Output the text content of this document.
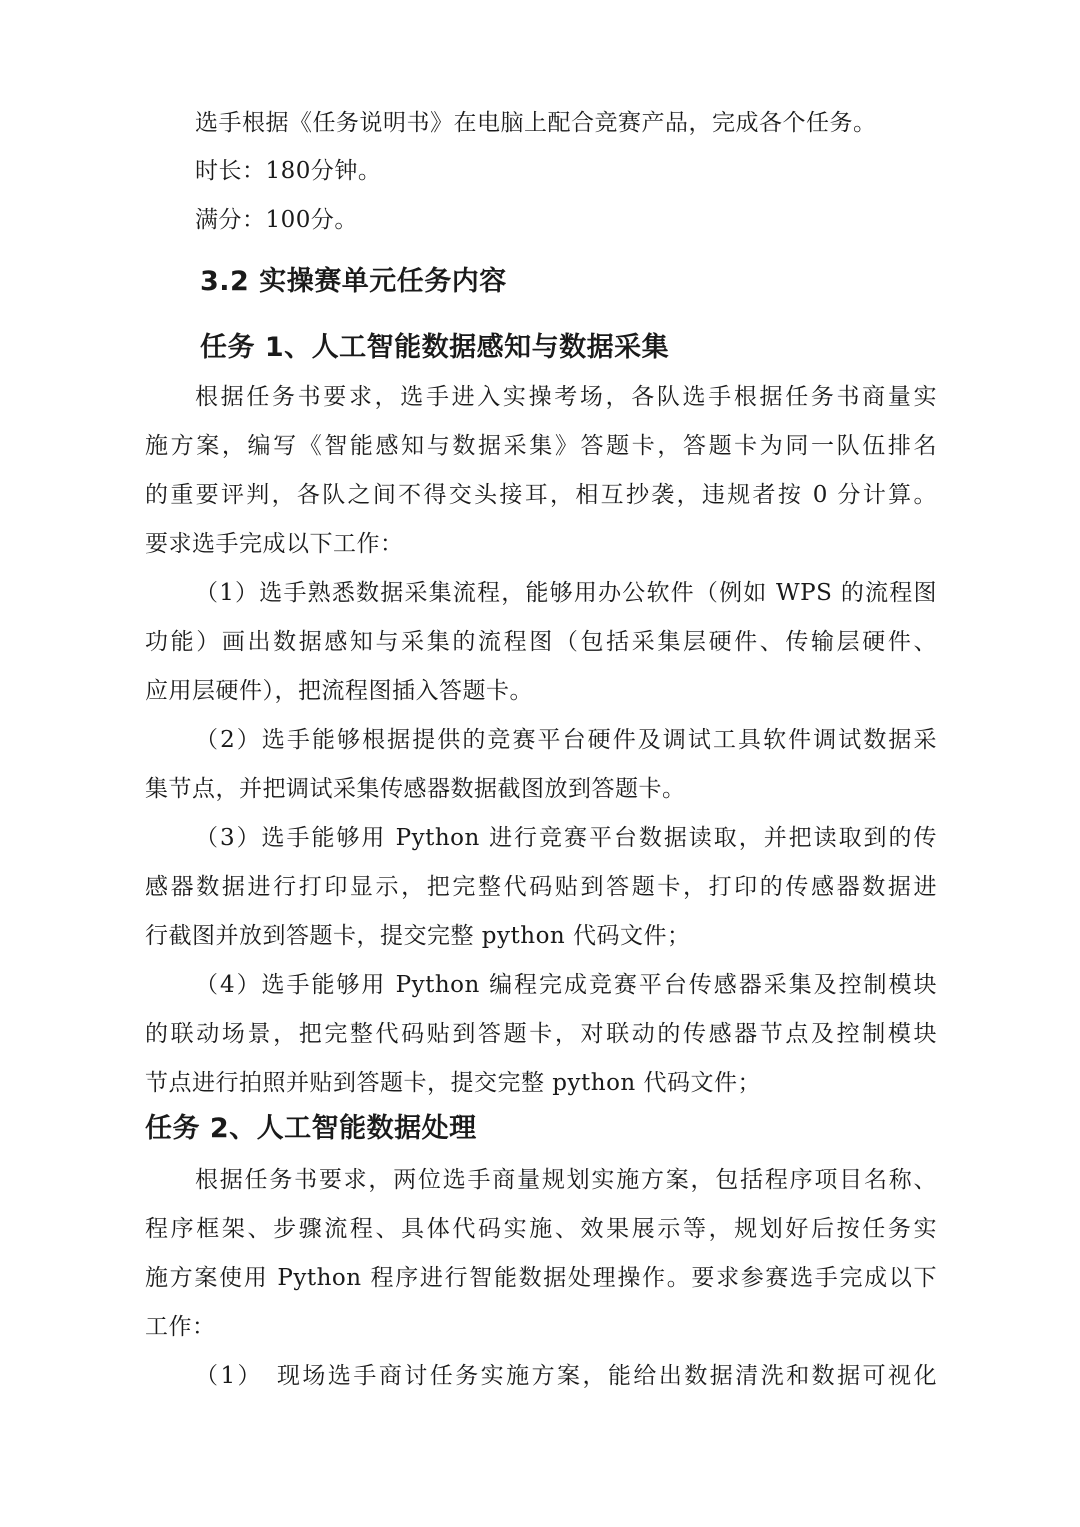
选手根据《任务说明书》在电脑上配合竞赛产品，完成各个任务。
时长：180分钟。
满分：100分。
3.2 实操赛单元任务内容
任务 1、人工智能数据感知与数据采集
根据任务书要求，选手进入实操考场，各队选手根据任务书商量实
施方案，编写《智能感知与数据采集》答题卡，答题卡为同一队伍排名
的重要评判，各队之间不得交头接耳，相互抄袭，违规者按 0 分计算。
要求选手完成以下工作：
（1）选手熟悉数据采集流程，能够用办公软件（例如 WPS 的流程图
功能）画出数据感知与采集的流程图（包括采集层硬件、传输层硬件、
应用层硬件），把流程图插入答题卡。
（2）选手能够根据提供的竞赛平台硬件及调试工具软件调试数据采
集节点，并把调试采集传感器数据截图放到答题卡。
（3）选手能够用 Python 进行竞赛平台数据读取，并把读取到的传
感器数据进行打印显示，把完整代码贴到答题卡，打印的传感器数据进
行截图并放到答题卡，提交完整 python 代码文件；
（4）选手能够用 Python 编程完成竞赛平台传感器采集及控制模块
的联动场景，把完整代码贴到答题卡，对联动的传感器节点及控制模块
节点进行拍照并贴到答题卡，提交完整 python 代码文件；
任务 2、人工智能数据处理
根据任务书要求，两位选手商量规划实施方案，包括程序项目名称、
程序框架、步骤流程、具体代码实施、效果展示等，规划好后按任务实
施方案使用 Python 程序进行智能数据处理操作。要求参赛选手完成以下
工作：
（1）　现场选手商讨任务实施方案，能给出数据清洗和数据可视化
